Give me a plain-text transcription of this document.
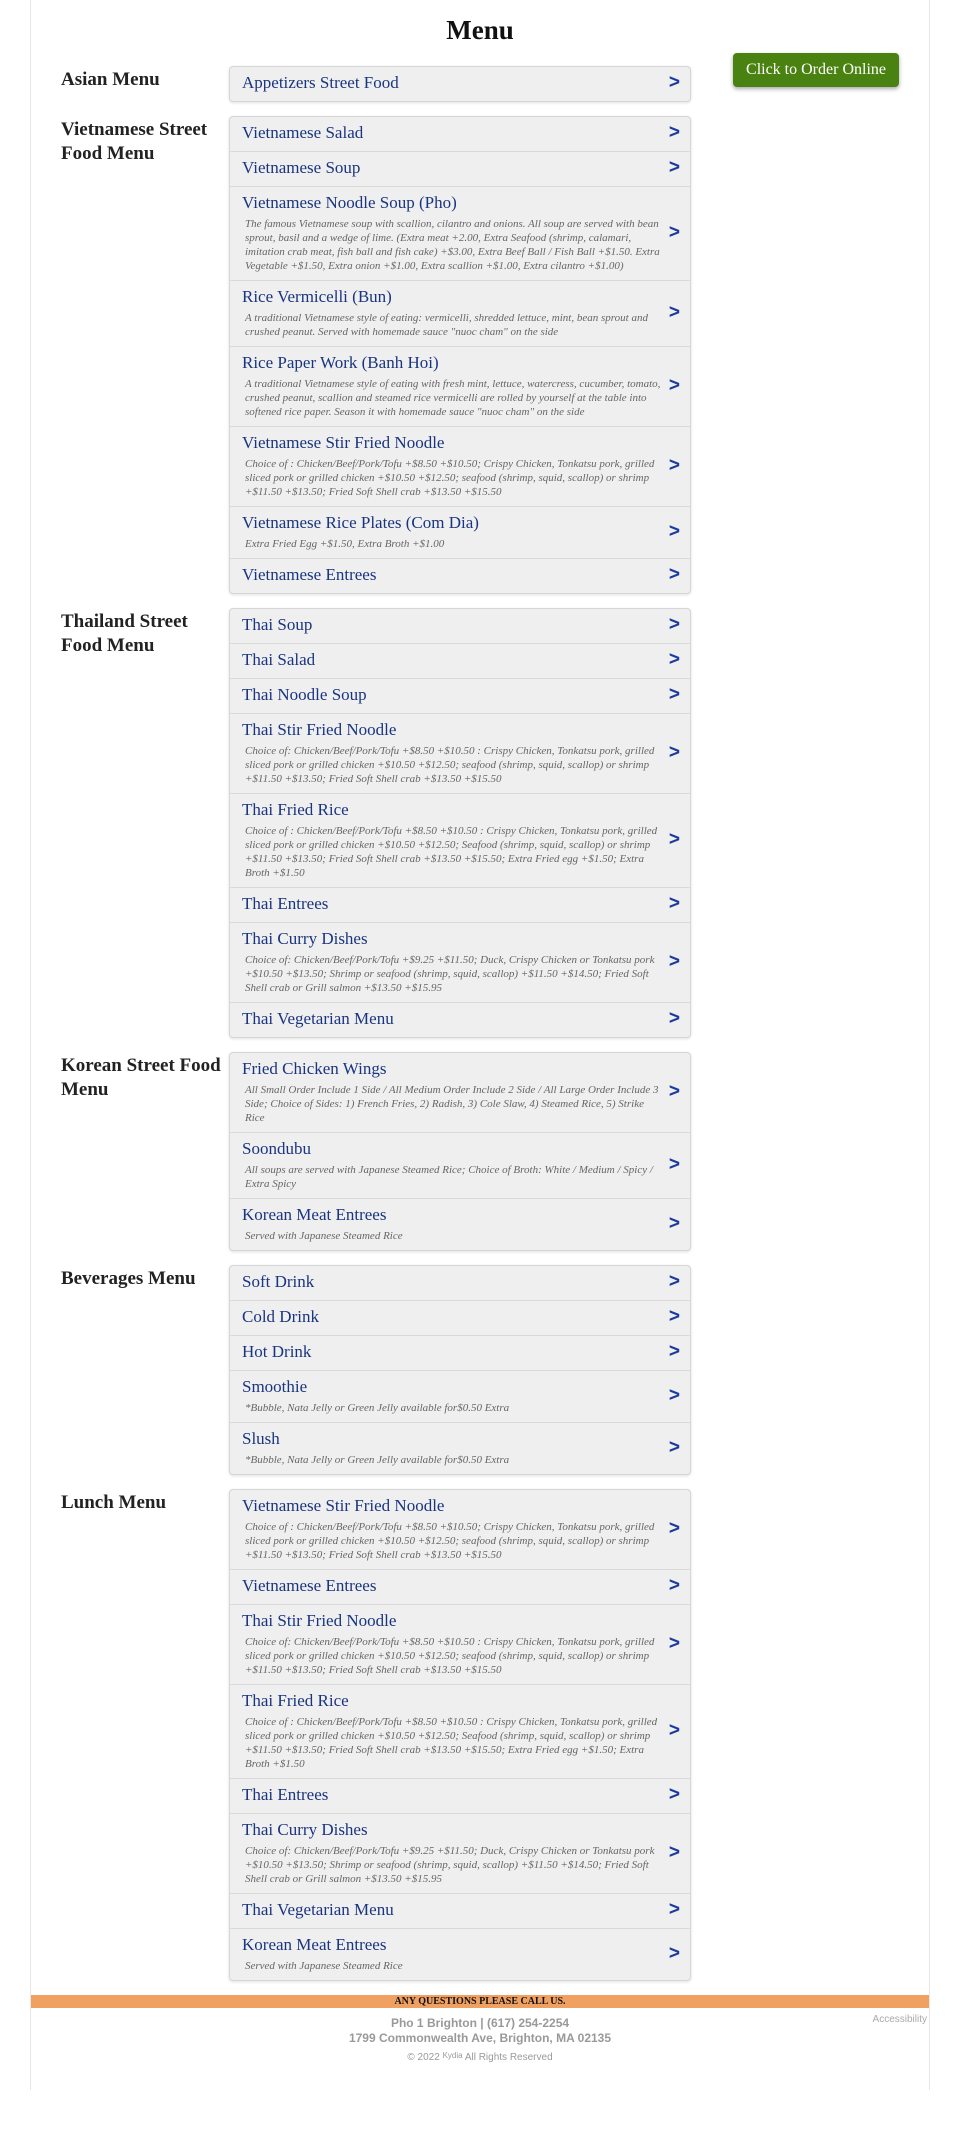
Menu
Click to Order Online
Asian Menu	Appetizers Street Food	>
Vietnamese Street Food Menu
Vietnamese Salad	>
Vietnamese Soup	>
Vietnamese Noodle Soup (Pho)
The famous Vietnamese soup with scallion, cilantro and onions. All soup are served with bean sprout, basil and a wedge of lime. (Extra meat +2.00, Extra Seafood (shrimp, calamari, imitation crab meat, fish ball and fish cake) +$3.00, Extra Beef Ball / Fish Ball +$1.50. Extra Vegetable +$1.50, Extra onion +$1.00, Extra scallion +$1.00, Extra cilantro +$1.00)
>
Rice Vermicelli (Bun)
A traditional Vietnamese style of eating: vermicelli, shredded lettuce, mint, bean sprout and crushed peanut. Served with homemade sauce "nuoc cham" on the side
>
Rice Paper Work (Banh Hoi)
A traditional Vietnamese style of eating with fresh mint, lettuce, watercress, cucumber, tomato, crushed peanut, scallion and steamed rice vermicelli are rolled by yourself at the table into softened rice paper. Season it with homemade sauce "nuoc cham" on the side
>
Vietnamese Stir Fried Noodle
Choice of : Chicken/Beef/Pork/Tofu +$8.50 +$10.50; Crispy Chicken, Tonkatsu pork, grilled sliced pork or grilled chicken +$10.50 +$12.50; seafood (shrimp, squid, scallop) or shrimp +$11.50 +$13.50; Fried Soft Shell crab +$13.50 +$15.50
>
Vietnamese Rice Plates (Com Dia)
Extra Fried Egg +$1.50, Extra Broth +$1.00
>
Vietnamese Entrees	>
Thailand Street Food Menu
Thai Soup	>
Thai Salad	>
Thai Noodle Soup	>
Thai Stir Fried Noodle
Choice of: Chicken/Beef/Pork/Tofu +$8.50 +$10.50 : Crispy Chicken, Tonkatsu pork, grilled sliced pork or grilled chicken +$10.50 +$12.50; seafood (shrimp, squid, scallop) or shrimp +$11.50 +$13.50; Fried Soft Shell crab +$13.50 +$15.50
>
Thai Fried Rice
Choice of : Chicken/Beef/Pork/Tofu +$8.50 +$10.50 : Crispy Chicken, Tonkatsu pork, grilled sliced pork or grilled chicken +$10.50 +$12.50; Seafood (shrimp, squid, scallop) or shrimp +$11.50 +$13.50; Fried Soft Shell crab +$13.50 +$15.50; Extra Fried egg +$1.50; Extra Broth +$1.50
>
Thai Entrees	>
Thai Curry Dishes
Choice of: Chicken/Beef/Pork/Tofu +$9.25 +$11.50; Duck, Crispy Chicken or Tonkatsu pork +$10.50 +$13.50; Shrimp or seafood (shrimp, squid, scallop) +$11.50 +$14.50; Fried Soft Shell crab or Grill salmon +$13.50 +$15.95
>
Thai Vegetarian Menu	>
Korean Street Food Menu
Fried Chicken Wings
All Small Order Include 1 Side / All Medium Order Include 2 Side / All Large Order Include 3 Side; Choice of Sides: 1) French Fries, 2) Radish, 3) Cole Slaw, 4) Steamed Rice, 5) Strike Rice
>
Soondubu
All soups are served with Japanese Steamed Rice; Choice of Broth: White / Medium / Spicy / Extra Spicy
>
Korean Meat Entrees
Served with Japanese Steamed Rice
>
Beverages Menu	Soft Drink	>
Cold Drink	>
Hot Drink	>
Smoothie
*Bubble, Nata Jelly or Green Jelly available for$0.50 Extra
>
Slush
*Bubble, Nata Jelly or Green Jelly available for$0.50 Extra
>
Lunch Menu	Vietnamese Stir Fried Noodle
Choice of : Chicken/Beef/Pork/Tofu +$8.50 +$10.50; Crispy Chicken, Tonkatsu pork, grilled sliced pork or grilled chicken +$10.50 +$12.50; seafood (shrimp, squid, scallop) or shrimp +$11.50 +$13.50; Fried Soft Shell crab +$13.50 +$15.50
>
Vietnamese Entrees	>
Thai Stir Fried Noodle
Choice of: Chicken/Beef/Pork/Tofu +$8.50 +$10.50 : Crispy Chicken, Tonkatsu pork, grilled sliced pork or grilled chicken +$10.50 +$12.50; seafood (shrimp, squid, scallop) or shrimp +$11.50 +$13.50; Fried Soft Shell crab +$13.50 +$15.50
>
Thai Fried Rice
Choice of : Chicken/Beef/Pork/Tofu +$8.50 +$10.50 : Crispy Chicken, Tonkatsu pork, grilled sliced pork or grilled chicken +$10.50 +$12.50; Seafood (shrimp, squid, scallop) or shrimp +$11.50 +$13.50; Fried Soft Shell crab +$13.50 +$15.50; Extra Fried egg +$1.50; Extra Broth +$1.50
>
Thai Entrees	>
Thai Curry Dishes
Choice of: Chicken/Beef/Pork/Tofu +$9.25 +$11.50; Duck, Crispy Chicken or Tonkatsu pork +$10.50 +$13.50; Shrimp or seafood (shrimp, squid, scallop) +$11.50 +$14.50; Fried Soft Shell crab or Grill salmon +$13.50 +$15.95
>
Thai Vegetarian Menu	>
Korean Meat Entrees
Served with Japanese Steamed Rice
>
ANY QUESTIONS PLEASE CALL US.
Pho 1 Brighton | (617) 254-2254
1799 Commonwealth Ave, Brighton, MA 02135
© 2022 $^{Kydia}$ All Rights Reserved
Accessibility
